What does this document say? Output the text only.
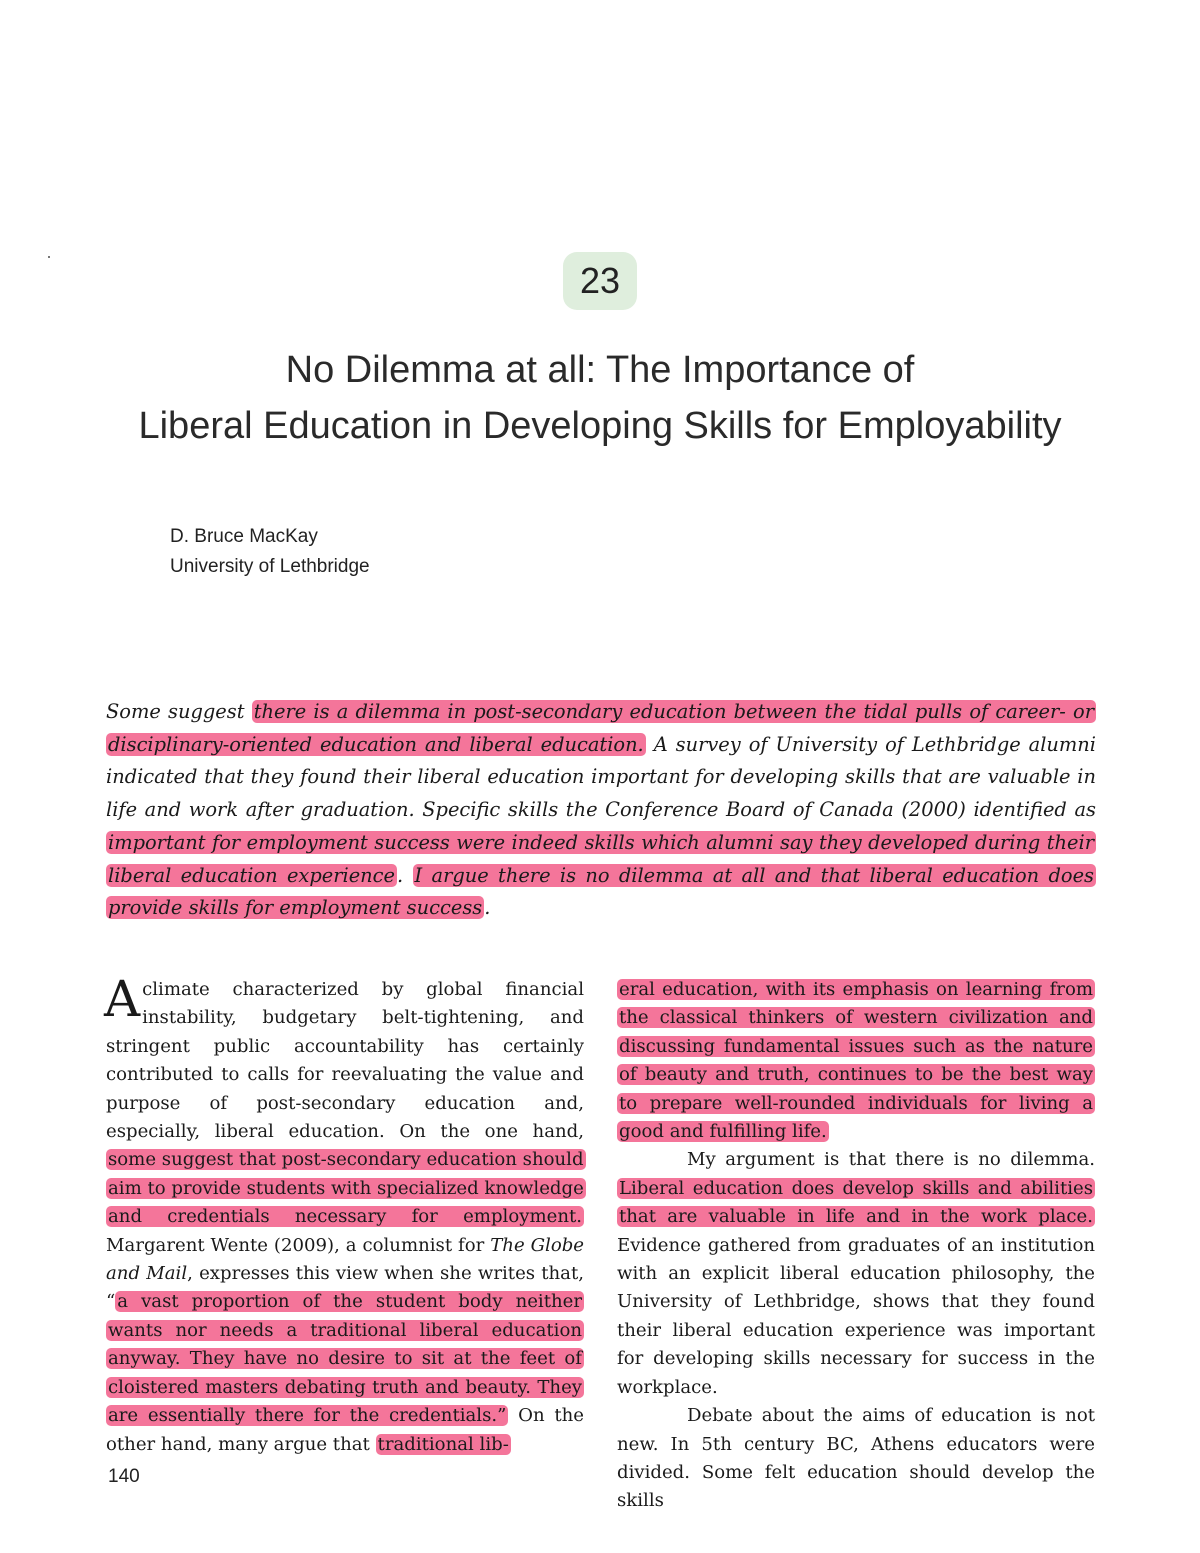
23
No Dilemma at all: The Importance of
Liberal Education in Developing Skills for Employability
D. Bruce MacKay
University of Lethbridge

Some suggest there is a dilemma in post-secondary education between the tidal pulls of career- or disciplinary-oriented education and liberal education. A survey of University of Lethbridge alumni indicated that they found their liberal education important for developing skills that are valuable in life and work after graduation. Specific skills the Conference Board of Canada (2000) identified as important for employment success were indeed skills which alumni say they developed during their liberal education experience . I argue there is no dilemma at all and that liberal education does provide skills for employment success .

A climate characterized by global financial instability, budgetary belt-tightening, and stringent public accountability has certainly contributed to calls for reevaluating the value and purpose of post-secondary education and, especially, liberal education. On the one hand, some suggest that post-secondary education should aim to provide students with specialized knowledge and credentials necessary for employment. Margarent Wente (2009), a columnist for The Globe and Mail, expresses this view when she writes that, “ a vast proportion of the student body neither wants nor needs a traditional liberal education anyway. They have no desire to sit at the feet of cloistered masters debating truth and beauty. They are essentially there for the credentials.” On the other hand, many argue that traditional lib-

eral education, with its emphasis on learning from the classical thinkers of western civilization and discussing fundamental issues such as the nature of beauty and truth, continues to be the best way to prepare well-rounded individuals for living a good and fulfilling life.

My argument is that there is no dilemma. Liberal education does develop skills and abilities that are valuable in life and in the work place. Evidence gathered from graduates of an institution with an explicit liberal education philosophy, the University of Lethbridge, shows that they found their liberal education experience was important for developing skills necessary for success in the workplace.

Debate about the aims of education is not new. In 5th century BC, Athens educators were divided. Some felt education should develop the skills

140
